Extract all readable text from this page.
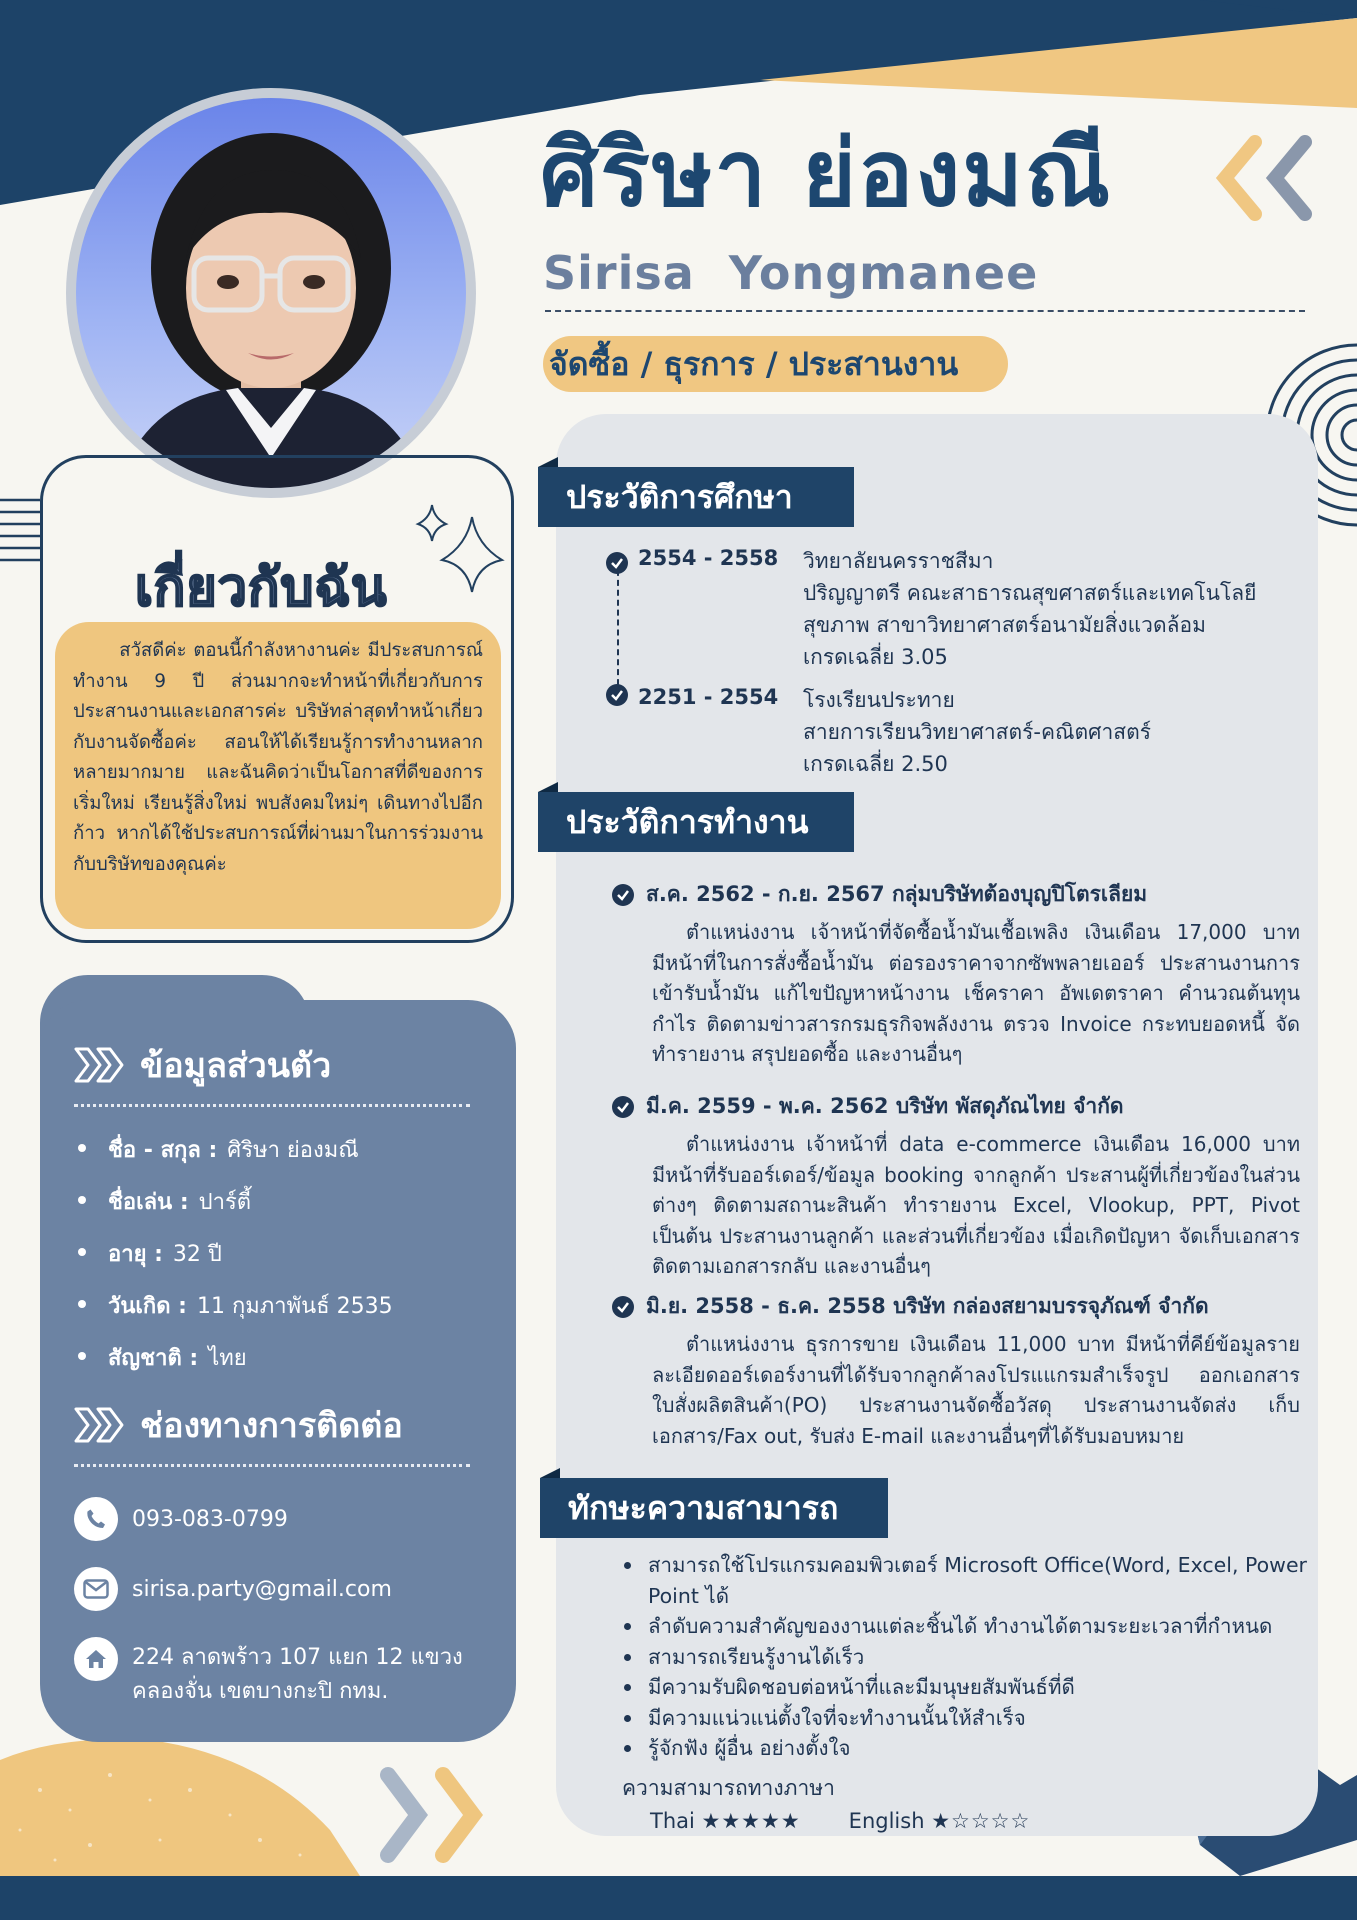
ศิริษา ย่องมณี
Sirisa  Yongmanee
จัดซื้อ / ธุรการ / ประสานงาน
เกี่ยวกับฉัน

สวัสดีค่ะ ตอนนี้กำลังหางานค่ะ มีประสบการณ์ทำงาน 9 ปี ส่วนมากจะทำหน้าที่เกี่ยวกับการประสานงานและเอกสารค่ะ บริษัทล่าสุดทำหน้าเกี่ยวกับงานจัดซื้อค่ะ สอนให้ได้เรียนรู้การทำงานหลากหลายมากมาย และฉันคิดว่าเป็นโอกาสที่ดีของการเริ่มใหม่ เรียนรู้สิ่งใหม่ พบสังคมใหม่ๆ เดินทางไปอีกก้าว หากได้ใช้ประสบการณ์ที่ผ่านมาในการร่วมงานกับบริษัทของคุณค่ะ

ข้อมูลส่วนตัว
ชื่อ - สกุล : ศิริษา ย่องมณี
ชื่อเล่น : ปาร์ตี้
อายุ : 32 ปี
วันเกิด : 11 กุมภาพันธ์ 2535
สัญชาติ : ไทย
ช่องทางการติดต่อ
093-083-0799
sirisa.party@gmail.com
224 ลาดพร้าว 107 แยก 12 แขวง
คลองจั่น เขตบางกะปิ กทม.
ประวัติการศึกษา
2554 - 2558	วิทยาลัยนครราชสีมา
ปริญญาตรี คณะสาธารณสุขศาสตร์และเทคโนโลยี
สุขภาพ สาขาวิทยาศาสตร์อนามัยสิ่งแวดล้อม
เกรดเฉลี่ย 3.05
2251 - 2554	โรงเรียนประทาย
สายการเรียนวิทยาศาสตร์-คณิตศาสตร์
เกรดเฉลี่ย 2.50
ประวัติการทำงาน
ส.ค. 2562 - ก.ย. 2567 กลุ่มบริษัทต้องบุญปิโตรเลียม

ตำแหน่งงาน เจ้าหน้าที่จัดซื้อน้ำมันเชื้อเพลิง เงินเดือน 17,000 บาท มีหน้าที่ในการสั่งซื้อน้ำมัน ต่อรองราคาจากซัพพลายเออร์ ประสานงานการเข้ารับน้ำมัน แก้ไขปัญหาหน้างาน เช็คราคา อัพเดตราคา คำนวณต้นทุน กำไร ติดตามข่าวสารกรมธุรกิจพลังงาน ตรวจ Invoice กระทบยอดหนี้ จัดทำรายงาน สรุปยอดซื้อ และงานอื่นๆ

มี.ค. 2559 - พ.ค. 2562 บริษัท พัสดุภัณไทย จำกัด

ตำแหน่งงาน เจ้าหน้าที่ data e-commerce เงินเดือน 16,000 บาท มีหน้าที่รับออร์เดอร์/ข้อมูล booking จากลูกค้า ประสานผู้ที่เกี่ยวข้องในส่วนต่างๆ ติดตามสถานะสินค้า ทำรายงาน Excel, Vlookup, PPT, Pivot เป็นต้น ประสานงานลูกค้า และส่วนที่เกี่ยวข้อง เมื่อเกิดปัญหา จัดเก็บเอกสาร ติดตามเอกสารกลับ และงานอื่นๆ

มิ.ย. 2558 - ธ.ค. 2558 บริษัท กล่องสยามบรรจุภัณฑ์ จำกัด

ตำแหน่งงาน ธุรการขาย เงินเดือน 11,000 บาท มีหน้าที่คีย์ข้อมูลรายละเอียดออร์เดอร์งานที่ได้รับจากลูกค้าลงโปรแแกรมสำเร็จรูป ออกเอกสารใบสั่งผลิตสินค้า(PO) ประสานงานจัดซื้อวัสดุ ประสานงานจัดส่ง เก็บเอกสาร/Fax out, รับส่ง E-mail และงานอื่นๆที่ได้รับมอบหมาย

ทักษะความสามารถ
สามารถใช้โปรแกรมคอมพิวเตอร์ Microsoft Office(Word, Excel, Power Point ได้
ลำดับความสำคัญของงานแต่ละชิ้นได้ ทำงานได้ตามระยะเวลาที่กำหนด
สามารถเรียนรู้งานได้เร็ว
มีความรับผิดชอบต่อหน้าที่และมีมนุษยสัมพันธ์ที่ดี
มีความแน่วแน่ตั้งใจที่จะทำงานนั้นให้สำเร็จ
รู้จักฟัง ผู้อื่น อย่างตั้งใจ
ความสามารถทางภาษา
Thai ★★★★★ English ★☆☆☆☆
